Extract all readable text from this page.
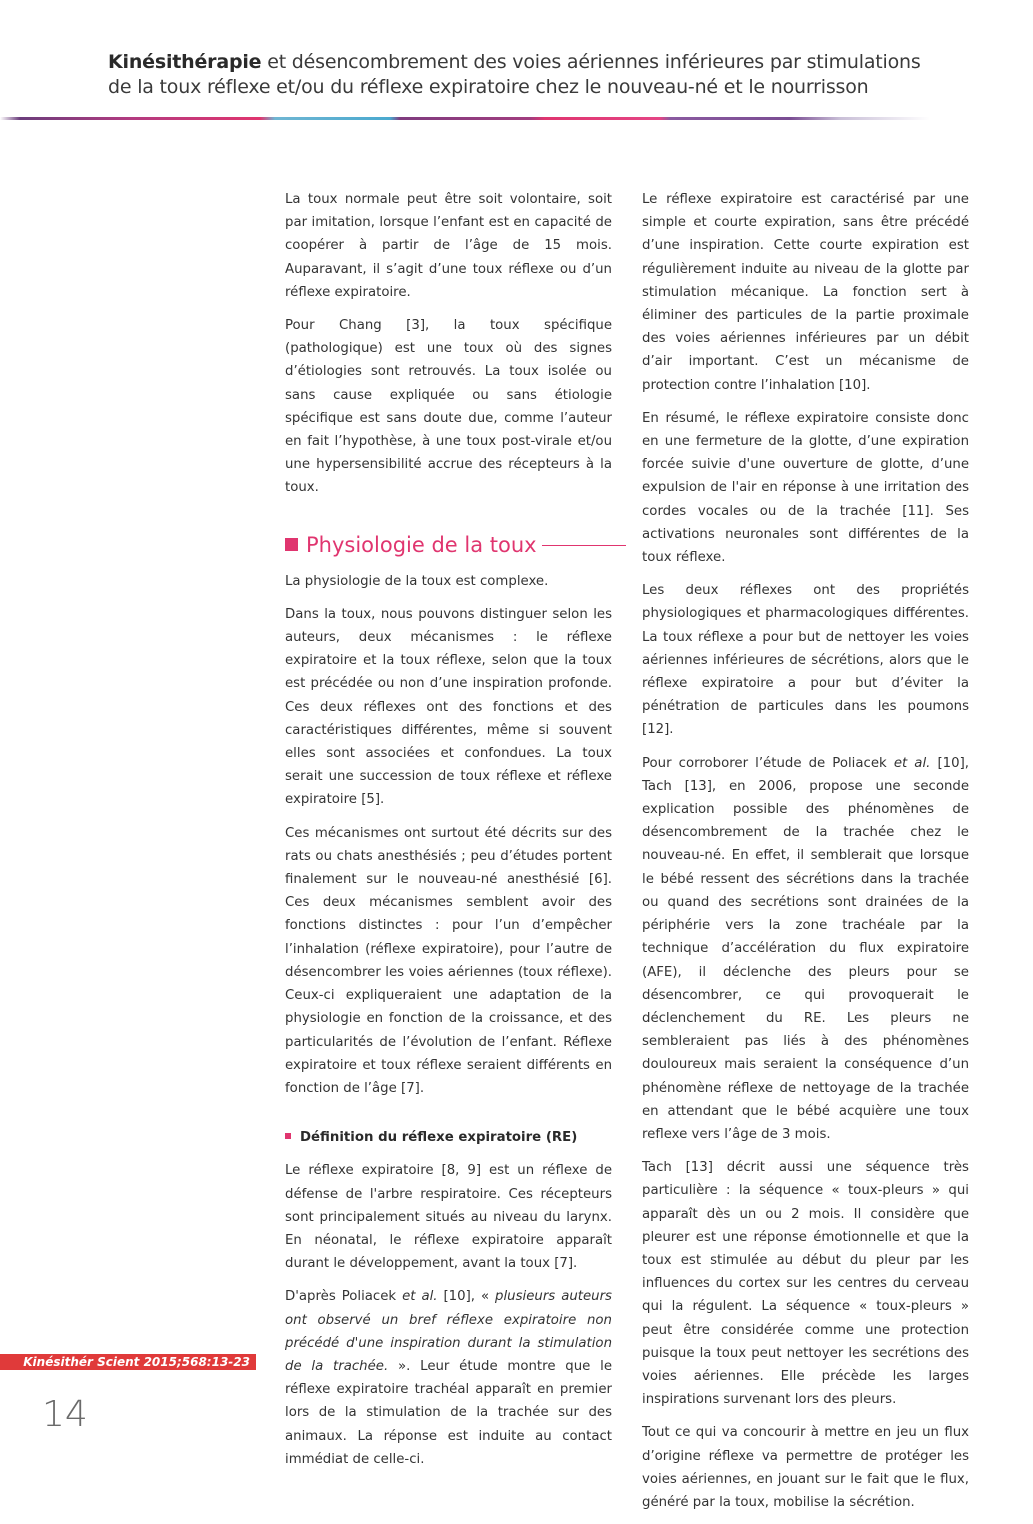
Kinésithérapie et désencombrement des voies aériennes inférieures par stimulations
de la toux réflexe et/ou du réflexe expiratoire chez le nouveau-né et le nourrisson

La toux normale peut être soit volontaire, soit par imitation, lorsque l’enfant est en capacité de coopérer à partir de l’âge de 15 mois. Auparavant, il s’agit d’une toux réflexe ou d’un réflexe expiratoire.

Pour Chang [3], la toux spécifique (pathologique) est une toux où des signes d’étiologies sont retrouvés. La toux isolée ou sans cause expliquée ou sans étiologie spécifique est sans doute due, comme l’auteur en fait l’hypothèse, à une toux post-virale et/ou une hypersensibilité accrue des récepteurs à la toux.

Physiologie de la toux

La physiologie de la toux est complexe.

Dans la toux, nous pouvons distinguer selon les auteurs, deux mécanismes : le réflexe expiratoire et la toux réflexe, selon que la toux est précédée ou non d’une inspiration profonde. Ces deux réflexes ont des fonctions et des caractéristiques différentes, même si souvent elles sont associées et confondues. La toux serait une succession de toux réflexe et réflexe expiratoire [5].

Ces mécanismes ont surtout été décrits sur des rats ou chats anesthésiés ; peu d’études portent finalement sur le nouveau-né anesthésié [6]. Ces deux mécanismes semblent avoir des fonctions distinctes : pour l’un d’empêcher l’inhalation (réflexe expiratoire), pour l’autre de désencombrer les voies aériennes (toux réflexe). Ceux-ci expliqueraient une adaptation de la physiologie en fonction de la croissance, et des particularités de l’évolution de l’enfant. Réflexe expiratoire et toux réflexe seraient différents en fonction de l’âge [7].

Définition du réflexe expiratoire (RE)

Le réflexe expiratoire [8, 9] est un réflexe de défense de l'arbre respiratoire. Ces récepteurs sont principalement situés au niveau du larynx. En néonatal, le réflexe expiratoire apparaît durant le développement, avant la toux [7].

D'après Poliacek et al. [10], « plusieurs auteurs ont observé un bref réflexe expiratoire non précédé d'une inspiration durant la stimulation de la trachée. ». Leur étude montre que le réflexe expiratoire trachéal apparaît en premier lors de la stimulation de la trachée sur des animaux. La réponse est induite au contact immédiat de celle-ci.

Le réflexe expiratoire est caractérisé par une simple et courte expiration, sans être précédé d’une inspiration. Cette courte expiration est régulièrement induite au niveau de la glotte par stimulation mécanique. La fonction sert à éliminer des particules de la partie proximale des voies aériennes inférieures par un débit d’air important. C’est un mécanisme de protection contre l’inhalation [10].

En résumé, le réflexe expiratoire consiste donc en une fermeture de la glotte, d’une expiration forcée suivie d'une ouverture de glotte, d’une expulsion de l'air en réponse à une irritation des cordes vocales ou de la trachée [11]. Ses activations neuronales sont différentes de la toux réflexe.

Les deux réflexes ont des propriétés physiologiques et pharmacologiques différentes. La toux réflexe a pour but de nettoyer les voies aériennes inférieures de sécrétions, alors que le réflexe expiratoire a pour but d’éviter la pénétration de particules dans les poumons [12].

Pour corroborer l’étude de Poliacek et al. [10], Tach [13], en 2006, propose une seconde explication possible des phénomènes de désencombrement de la trachée chez le nouveau-né. En effet, il semblerait que lorsque le bébé ressent des sécrétions dans la trachée ou quand des secrétions sont drainées de la périphérie vers la zone trachéale par la technique d’accélération du flux expiratoire (AFE), il déclenche des pleurs pour se désencombrer, ce qui provoquerait le déclenchement du RE. Les pleurs ne sembleraient pas liés à des phénomènes douloureux mais seraient la conséquence d’un phénomène réflexe de nettoyage de la trachée en attendant que le bébé acquière une toux reflexe vers l’âge de 3 mois.

Tach [13] décrit aussi une séquence très particulière : la séquence « toux-pleurs » qui apparaît dès un ou 2 mois. Il considère que pleurer est une réponse émotionnelle et que la toux est stimulée au début du pleur par les influences du cortex sur les centres du cerveau qui la régulent. La séquence « toux-pleurs » peut être considérée comme une protection puisque la toux peut nettoyer les secrétions des voies aériennes. Elle précède les larges inspirations survenant lors des pleurs.

Tout ce qui va concourir à mettre en jeu un flux d’origine réflexe va permettre de protéger les voies aériennes, en jouant sur le fait que le flux, généré par la toux, mobilise la sécrétion.

Kinésithér Scient 2015;568:13-23
14
